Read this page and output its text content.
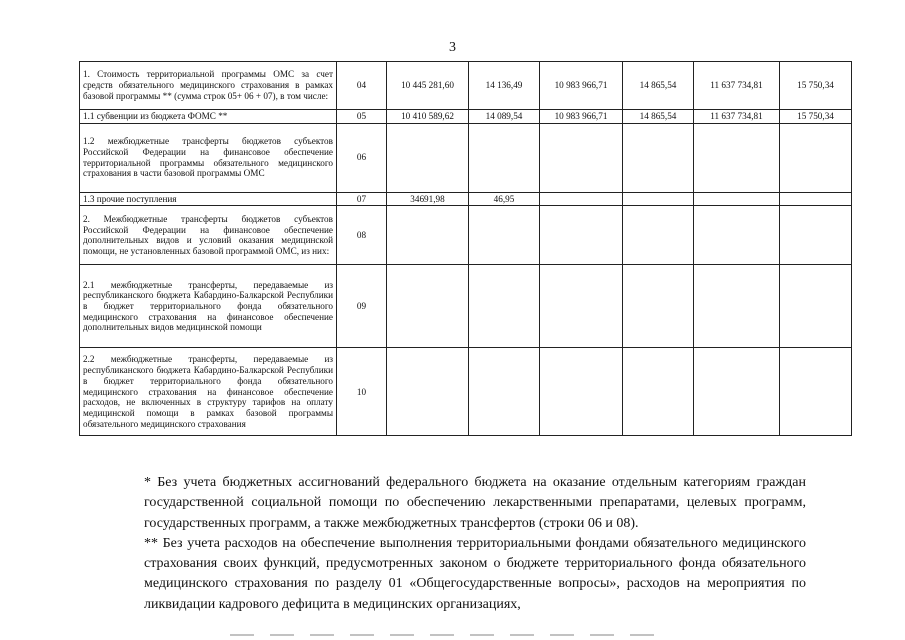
3
1. Стоимость территориальной программы ОМС за счет средств обязательного медицинского страхования в рамках базовой программы ** (сумма строк 05+ 06 + 07), в том числе:	04	10 445 281,60	14 136,49	10 983 966,71	14 865,54	11 637 734,81	15 750,34
1.1 субвенции из бюджета ФОМС **	05	10 410 589,62	14 089,54	10 983 966,71	14 865,54	11 637 734,81	15 750,34
1.2 межбюджетные трансферты бюджетов субъектов Российской Федерации на финансовое обеспечение территориальной программы обязательного медицинского страхования в части базовой программы ОМС	06						
1.3 прочие поступления	07	34691,98	46,95				
2. Межбюджетные трансферты бюджетов субъектов Российской Федерации на финансовое обеспечение дополнительных видов и условий оказания медицинской помощи, не установленных базовой программой ОМС, из них:	08						
2.1 межбюджетные трансферты, передаваемые из республиканского бюджета Кабардино-Балкарской Республики в бюджет территориального фонда обязательного медицинского страхования на финансовое обеспечение дополнительных видов медицинской помощи	09						
2.2 межбюджетные трансферты, передаваемые из республиканского бюджета Кабардино-Балкарской Республики в бюджет территориального фонда обязательного медицинского страхования на финансовое обеспечение расходов, не включенных в структуру тарифов на оплату медицинской помощи в рамках базовой программы обязательного медицинского страхования	10						

* Без учета бюджетных ассигнований федерального бюджета на оказание отдельным категориям граждан государственной социальной помощи по обеспечению лекарственными препаратами, целевых программ, государственных программ, а также межбюджетных трансфертов (строки 06 и 08).

** Без учета расходов на обеспечение выполнения территориальными фондами обязательного медицинского страхования своих функций, предусмотренных законом о бюджете территориального фонда обязательного медицинского страхования по разделу 01 «Общегосударственные вопросы», расходов на мероприятия по ликвидации кадрового дефицита в медицинских организациях,
